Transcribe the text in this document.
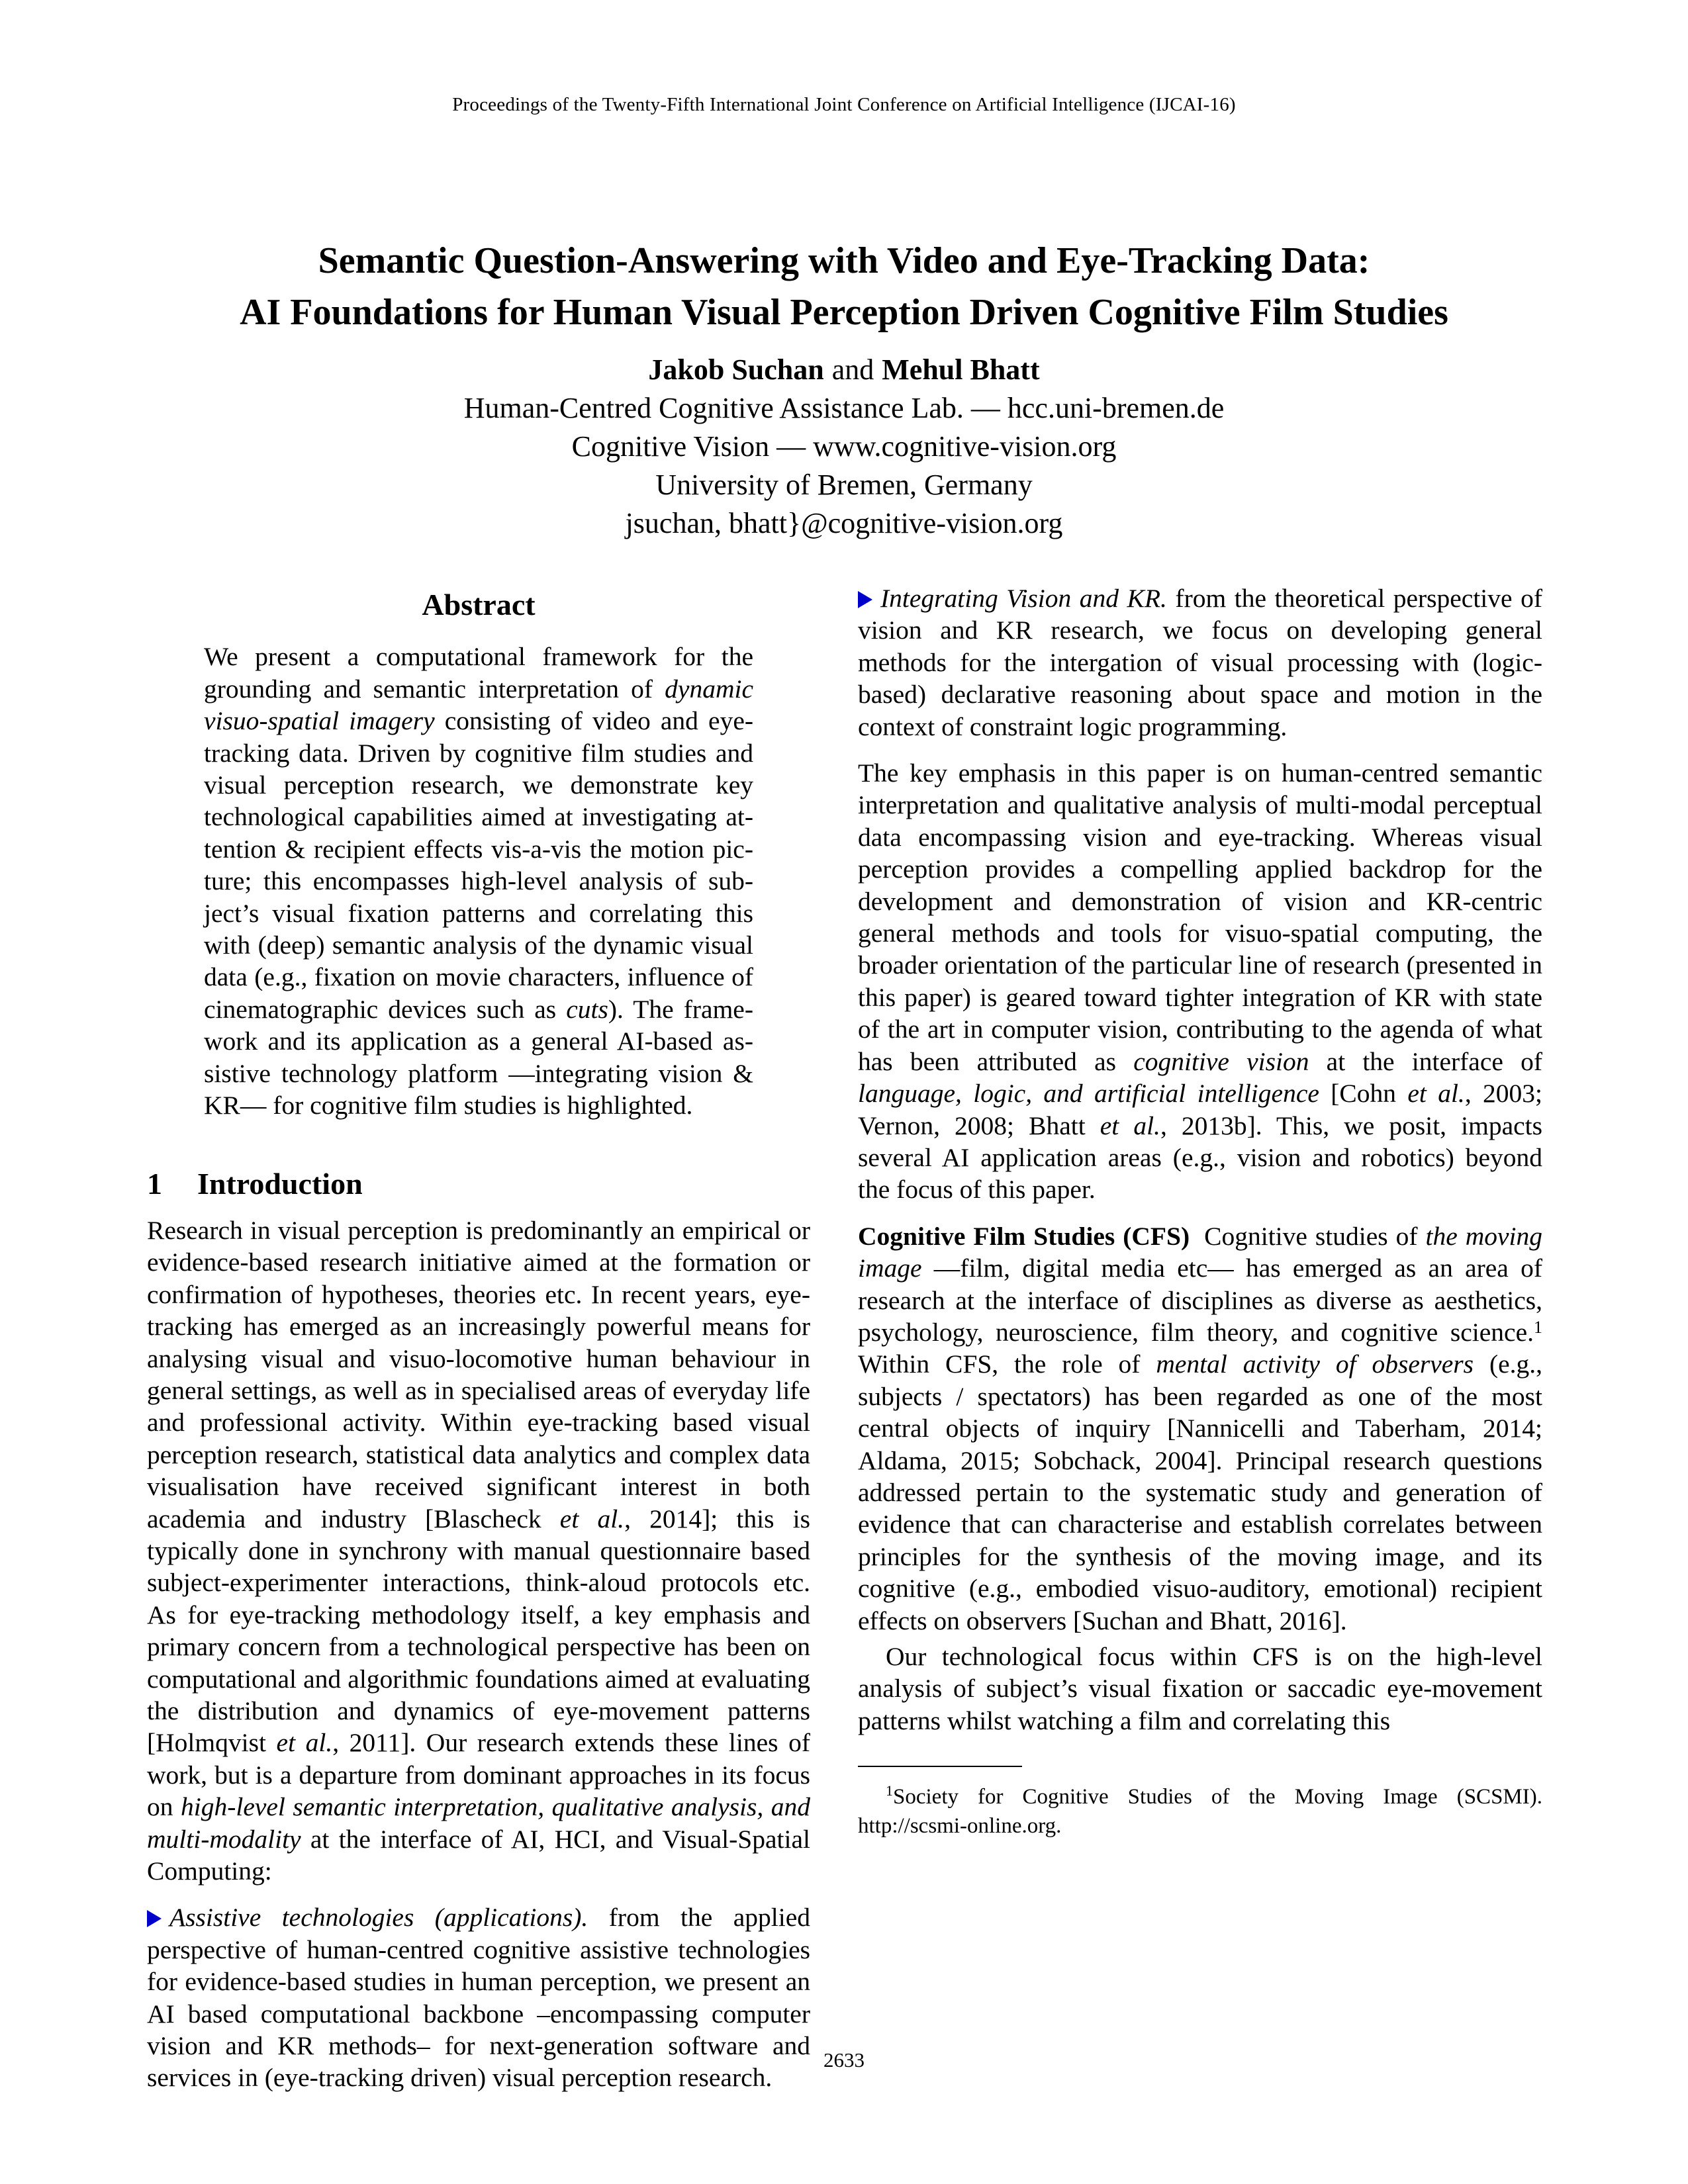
Proceedings of the Twenty-Fifth International Joint Conference on Artificial Intelligence (IJCAI-16)
Semantic Question-Answering with Video and Eye-Tracking Data:
AI Foundations for Human Visual Perception Driven Cognitive Film Studies
Jakob Suchan and Mehul Bhatt
Human-Centred Cognitive Assistance Lab. — hcc.uni-bremen.de
Cognitive Vision — www.cognitive-vision.org
University of Bremen, Germany
jsuchan, bhatt}@cognitive-vision.org
Abstract

We present a computational framework for the grounding and semantic interpretation of dynamic visuo-spatial imagery consisting of video and eye-tracking data. Driven by cognitive film studies and visual perception research, we demonstrate key technological capabilities aimed at investigating attention & recipient effects vis-a-vis the motion picture; this encompasses high-level analysis of subject’s visual fixation patterns and correlating this with (deep) semantic analysis of the dynamic visual data (e.g., fixation on movie characters, influence of cinematographic devices such as cuts). The framework and its application as a general AI-based assistive technology platform —integrating vision & KR— for cognitive film studies is highlighted.

1 Introduction

Research in visual perception is predominantly an empirical or evidence-based research initiative aimed at the formation or confirmation of hypotheses, theories etc. In recent years, eye-tracking has emerged as an increasingly powerful means for analysing visual and visuo-locomotive human behaviour in general settings, as well as in specialised areas of everyday life and professional activity. Within eye-tracking based visual perception research, statistical data analytics and complex data visualisation have received significant interest in both academia and industry [Blascheck et al., 2014]; this is typically done in synchrony with manual questionnaire based subject-experimenter interactions, think-aloud protocols etc. As for eye-tracking methodology itself, a key emphasis and primary concern from a technological perspective has been on computational and algorithmic foundations aimed at evaluating the distribution and dynamics of eye-movement patterns [Holmqvist et al., 2011]. Our research extends these lines of work, but is a departure from dominant approaches in its focus on high-level semantic interpretation, qualitative analysis, and multi-modality at the interface of AI, HCI, and Visual-Spatial Computing:

Assistive technologies (applications). from the applied perspective of human-centred cognitive assistive technologies for evidence-based studies in human perception, we present an AI based computational backbone –encompassing computer vision and KR methods– for next-generation software and services in (eye-tracking driven) visual perception research.

Integrating Vision and KR. from the theoretical perspective of vision and KR research, we focus on developing general methods for the intergation of visual processing with (logic-based) declarative reasoning about space and motion in the context of constraint logic programming.

The key emphasis in this paper is on human-centred semantic interpretation and qualitative analysis of multi-modal perceptual data encompassing vision and eye-tracking. Whereas visual perception provides a compelling applied backdrop for the development and demonstration of vision and KR-centric general methods and tools for visuo-spatial computing, the broader orientation of the particular line of research (presented in this paper) is geared toward tighter integration of KR with state of the art in computer vision, contributing to the agenda of what has been attributed as cognitive vision at the interface of language, logic, and artificial intelligence [Cohn et al., 2003; Vernon, 2008; Bhatt et al., 2013b]. This, we posit, impacts several AI application areas (e.g., vision and robotics) beyond the focus of this paper.

Cognitive Film Studies (CFS) Cognitive studies of the moving image —film, digital media etc— has emerged as an area of research at the interface of disciplines as diverse as aesthetics, psychology, neuroscience, film theory, and cognitive science.$^1$ Within CFS, the role of mental activity of observers (e.g., subjects / spectators) has been regarded as one of the most central objects of inquiry [Nannicelli and Taberham, 2014; Aldama, 2015; Sobchack, 2004]. Principal research questions addressed pertain to the systematic study and generation of evidence that can characterise and establish correlates between principles for the synthesis of the moving image, and its cognitive (e.g., embodied visuo-auditory, emotional) recipient effects on observers [Suchan and Bhatt, 2016].

Our technological focus within CFS is on the high-level analysis of subject’s visual fixation or saccadic eye-movement patterns whilst watching a film and correlating this

$^1$Society for Cognitive Studies of the Moving Image (SCSMI). http://scsmi-online.org.

2633
